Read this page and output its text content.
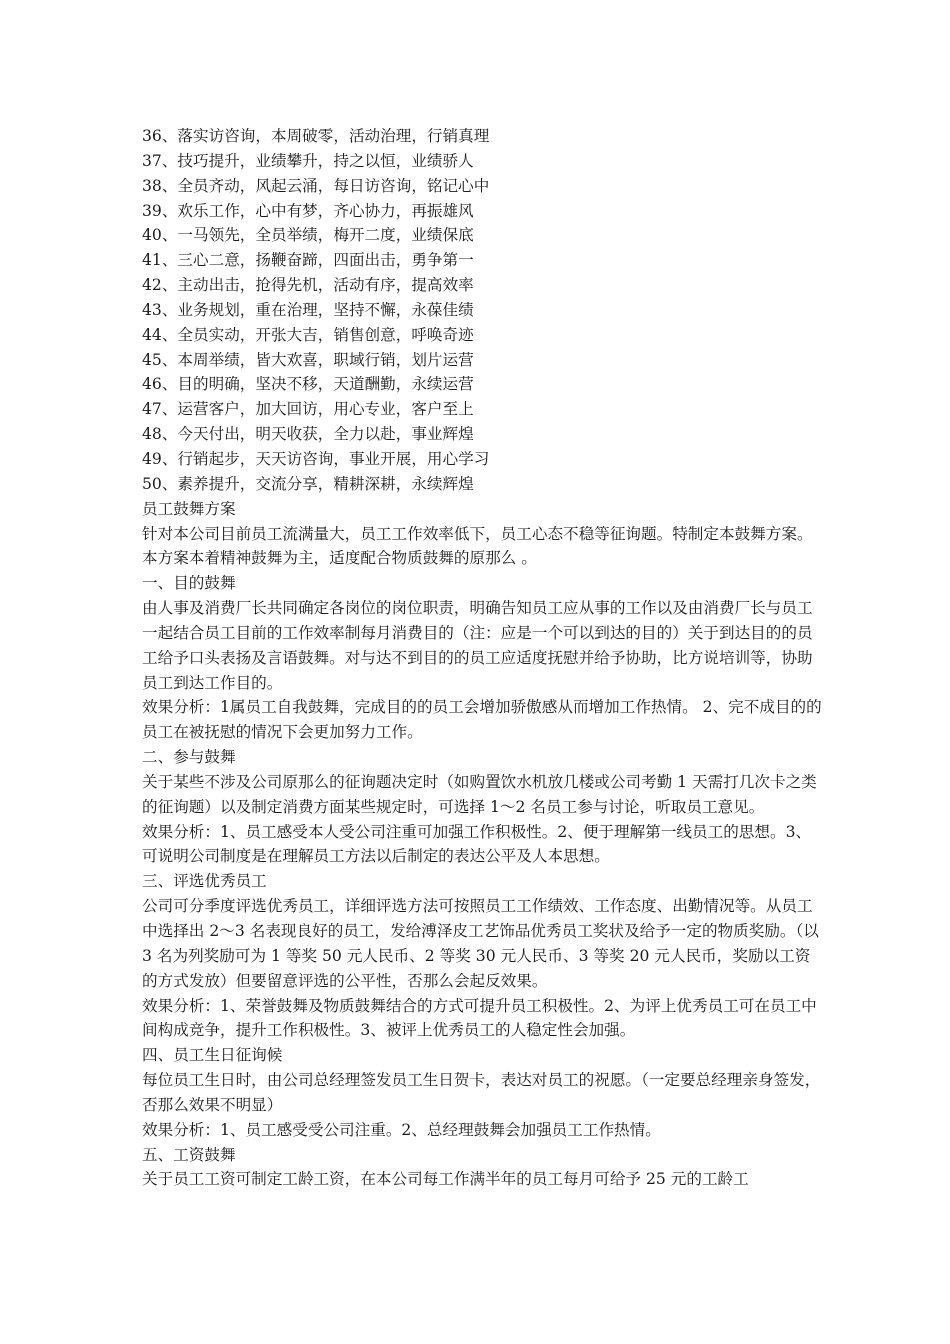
36、落实访咨询，本周破零，活动治理，行销真理
37、技巧提升，业绩攀升，持之以恒，业绩骄人
38、全员齐动，风起云涌，每日访咨询，铭记心中
39、欢乐工作，心中有梦，齐心协力，再振雄风
40、一马领先，全员举绩，梅开二度，业绩保底
41、三心二意，扬鞭奋蹄，四面出击，勇争第一
42、主动出击，抢得先机，活动有序，提高效率
43、业务规划，重在治理，坚持不懈，永葆佳绩
44、全员实动，开张大吉，销售创意，呼唤奇迹
45、本周举绩，皆大欢喜，职域行销，划片运营
46、目的明确，坚决不移，天道酬勤，永续运营
47、运营客户，加大回访，用心专业，客户至上
48、今天付出，明天收获，全力以赴，事业辉煌
49、行销起步，天天访咨询，事业开展，用心学习
50、素养提升，交流分享，精耕深耕，永续辉煌
员工鼓舞方案
针对本公司目前员工流满量大，员工工作效率低下，员工心态不稳等征询题。特制定本鼓舞方案。本方案本着精神鼓舞为主，适度配合物质鼓舞的原那么 。
一、目的鼓舞
由人事及消费厂长共同确定各岗位的岗位职责，明确告知员工应从事的工作以及由消费厂长与员工一起结合员工目前的工作效率制每月消费目的（注：应是一个可以到达的目的）关于到达目的的员工给予口头表扬及言语鼓舞。对与达不到目的的员工应适度抚慰并给予协助，比方说培训等，协助员工到达工作目的。
效果分析：1属员工自我鼓舞，完成目的的员工会增加骄傲感从而增加工作热情。 2、完不成目的的员工在被抚慰的情况下会更加努力工作。
二、参与鼓舞
关于某些不涉及公司原那么的征询题决定时（如购置饮水机放几楼或公司考勤 1 天需打几次卡之类的征询题）以及制定消费方面某些规定时，可选择 1～2 名员工参与讨论，听取员工意见。
效果分析：1、员工感受本人受公司注重可加强工作积极性。2、便于理解第一线员工的思想。3、可说明公司制度是在理解员工方法以后制定的表达公平及人本思想。
三、评选优秀员工
公司可分季度评选优秀员工，详细评选方法可按照员工工作绩效、工作态度、出勤情况等。从员工中选择出 2～3 名表现良好的员工，发给溥泽皮工艺饰品优秀员工奖状及给予一定的物质奖励。（以 3 名为列奖励可为 1 等奖 50 元人民币、2 等奖 30 元人民币、3 等奖 20 元人民币，奖励以工资的方式发放）但要留意评选的公平性，否那么会起反效果。
效果分析：1、荣誉鼓舞及物质鼓舞结合的方式可提升员工积极性。2、为评上优秀员工可在员工中间构成竞争，提升工作积极性。3、被评上优秀员工的人稳定性会加强。
四、员工生日征询候
每位员工生日时，由公司总经理签发员工生日贺卡，表达对员工的祝愿。（一定要总经理亲身签发，否那么效果不明显）
效果分析：1、员工感受受公司注重。2、总经理鼓舞会加强员工工作热情。
五、工资鼓舞
关于员工工资可制定工龄工资，在本公司每工作满半年的员工每月可给予 25 元的工龄工
